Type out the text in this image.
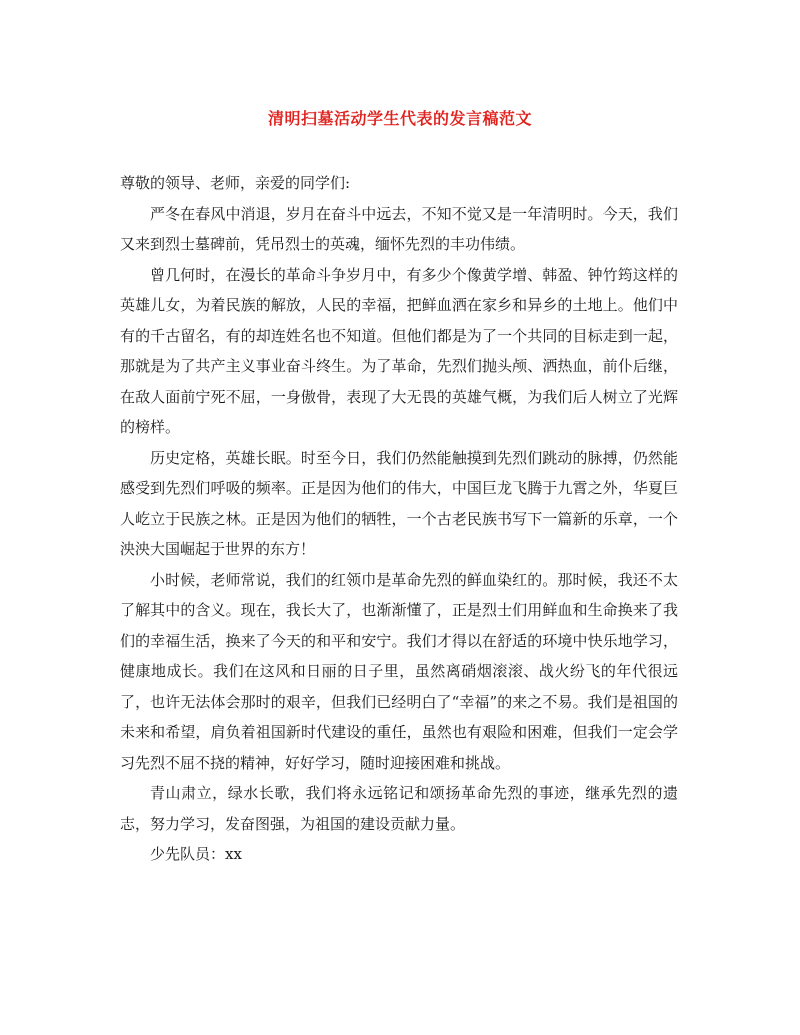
清明扫墓活动学生代表的发言稿范文

尊敬的领导、老师，亲爱的同学们:

严冬在春风中消退，岁月在奋斗中远去，不知不觉又是一年清明时。今天，我们又来到烈士墓碑前，凭吊烈士的英魂，缅怀先烈的丰功伟绩。

曾几何时，在漫长的革命斗争岁月中，有多少个像黄学增、韩盈、钟竹筠这样的英雄儿女，为着民族的解放，人民的幸福，把鲜血洒在家乡和异乡的土地上。他们中有的千古留名，有的却连姓名也不知道。但他们都是为了一个共同的目标走到一起，那就是为了共产主义事业奋斗终生。为了革命，先烈们抛头颅、洒热血，前仆后继，在敌人面前宁死不屈，一身傲骨，表现了大无畏的英雄气概，为我们后人树立了光辉的榜样。

历史定格，英雄长眠。时至今日，我们仍然能触摸到先烈们跳动的脉搏，仍然能感受到先烈们呼吸的频率。正是因为他们的伟大，中国巨龙飞腾于九霄之外，华夏巨人屹立于民族之林。正是因为他们的牺牲，一个古老民族书写下一篇新的乐章，一个泱泱大国崛起于世界的东方！

小时候，老师常说，我们的红领巾是革命先烈的鲜血染红的。那时候，我还不太了解其中的含义。现在，我长大了，也渐渐懂了，正是烈士们用鲜血和生命换来了我们的幸福生活，换来了今天的和平和安宁。我们才得以在舒适的环境中快乐地学习，健康地成长。我们在这风和日丽的日子里，虽然离硝烟滚滚、战火纷飞的年代很远了，也许无法体会那时的艰辛，但我们已经明白了“幸福”的来之不易。我们是祖国的未来和希望，肩负着祖国新时代建设的重任，虽然也有艰险和困难，但我们一定会学习先烈不屈不挠的精神，好好学习，随时迎接困难和挑战。

青山肃立，绿水长歌，我们将永远铭记和颂扬革命先烈的事迹，继承先烈的遗志，努力学习，发奋图强，为祖国的建设贡献力量。

少先队员：xx
